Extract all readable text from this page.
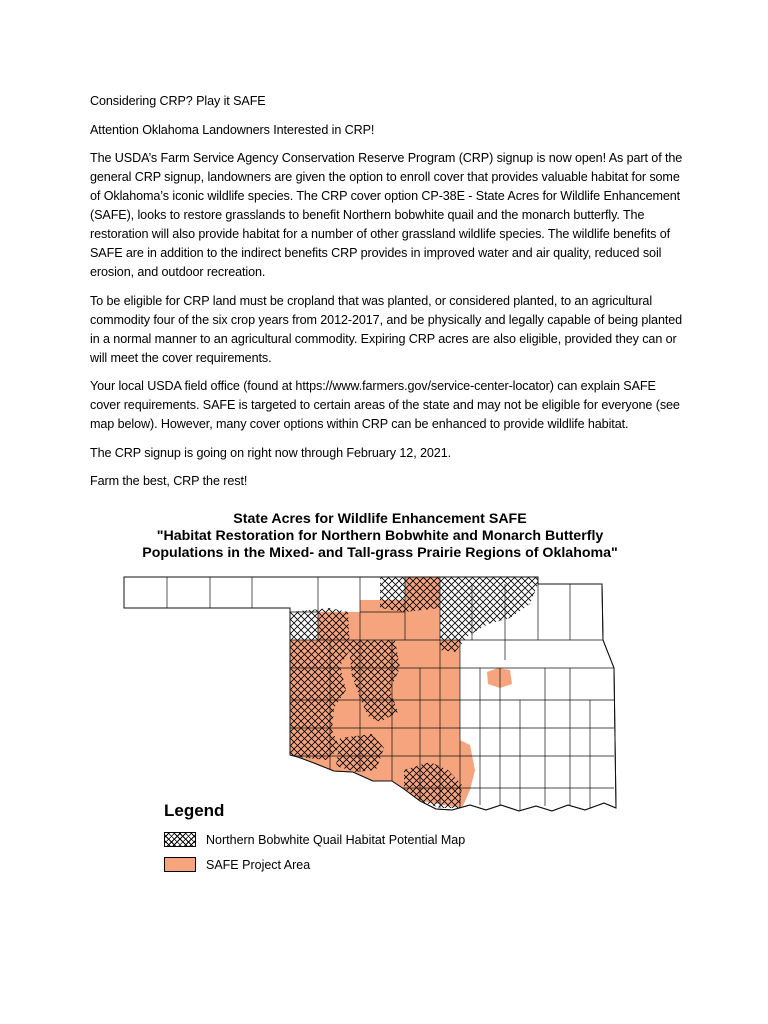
Considering CRP? Play it SAFE

Attention Oklahoma Landowners Interested in CRP!

The USDA’s Farm Service Agency Conservation Reserve Program (CRP) signup is now open! As part of the general CRP signup, landowners are given the option to enroll cover that provides valuable habitat for some of Oklahoma’s iconic wildlife species. The CRP cover option CP-38E - State Acres for Wildlife Enhancement (SAFE), looks to restore grasslands to benefit Northern bobwhite quail and the monarch butterfly. The restoration will also provide habitat for a number of other grassland wildlife species. The wildlife benefits of SAFE are in addition to the indirect benefits CRP provides in improved water and air quality, reduced soil erosion, and outdoor recreation.

To be eligible for CRP land must be cropland that was planted, or considered planted, to an agricultural commodity four of the six crop years from 2012-2017, and be physically and legally capable of being planted in a normal manner to an agricultural commodity. Expiring CRP acres are also eligible, provided they can or will meet the cover requirements.

Your local USDA field office (found at https://www.farmers.gov/service-center-locator) can explain SAFE cover requirements. SAFE is targeted to certain areas of the state and may not be eligible for everyone (see map below). However, many cover options within CRP can be enhanced to provide wildlife habitat.

The CRP signup is going on right now through February 12, 2021.

Farm the best, CRP the rest!

State Acres for Wildlife Enhancement SAFE
"Habitat Restoration for Northern Bobwhite and Monarch Butterfly
Populations in the Mixed- and Tall-grass Prairie Regions of Oklahoma"
Legend
Northern Bobwhite Quail Habitat Potential Map
SAFE Project Area
